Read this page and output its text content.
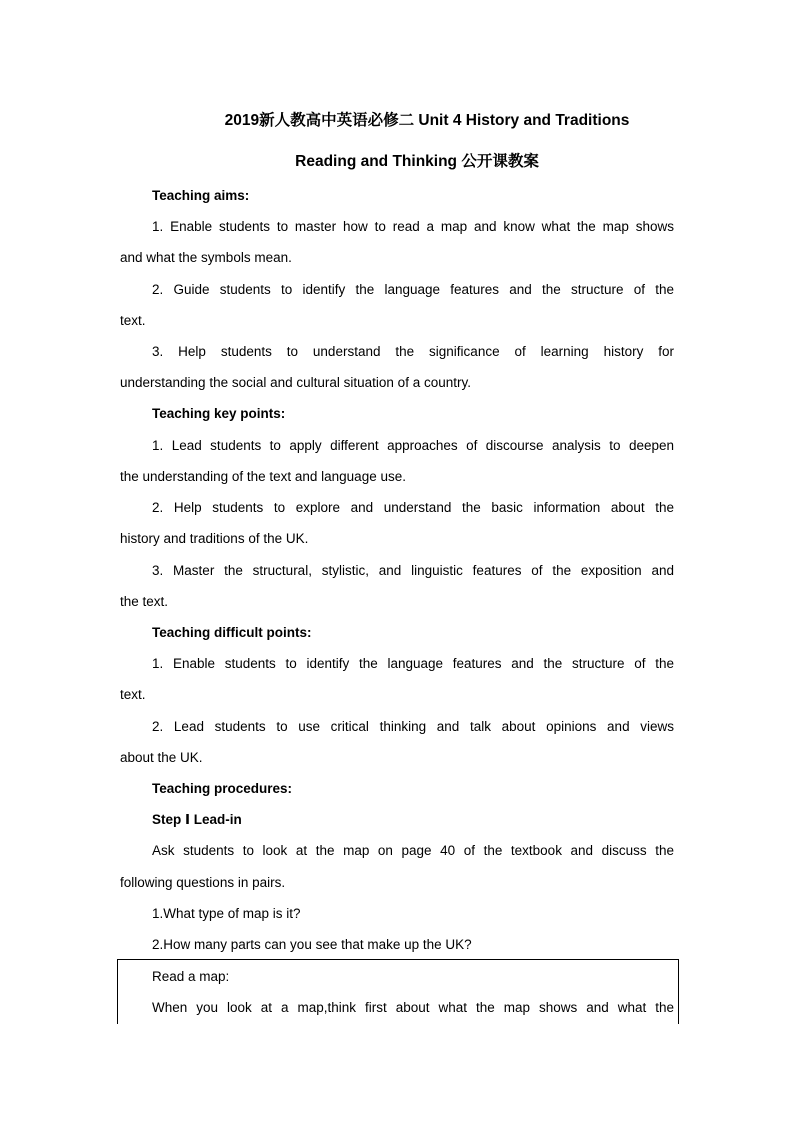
2019新人教高中英语必修二 Unit 4 History and Traditions
Reading and Thinking 公开课教案
Teaching aims:
1. Enable students to master how to read a map and know what the map shows
and what the symbols mean.
2. Guide students to identify the language features and the structure of the
text.
3. Help students to understand the significance of learning history for
understanding the social and cultural situation of a country.
Teaching key points:
1. Lead students to apply different approaches of discourse analysis to deepen
the understanding of the text and language use.
2. Help students to explore and understand the basic information about the
history and traditions of the UK.
3. Master the structural, stylistic, and linguistic features of the exposition and
the text.
Teaching difficult points:
1. Enable students to identify the language features and the structure of the
text.
2. Lead students to use critical thinking and talk about opinions and views
about the UK.
Teaching procedures:
Step Ⅰ Lead-in
Ask students to look at the map on page 40 of the textbook and discuss the
following questions in pairs.
1.What type of map is it?
2.How many parts can you see that make up the UK?
Read a map:
When you look at a map,think first about what the map shows and what the
